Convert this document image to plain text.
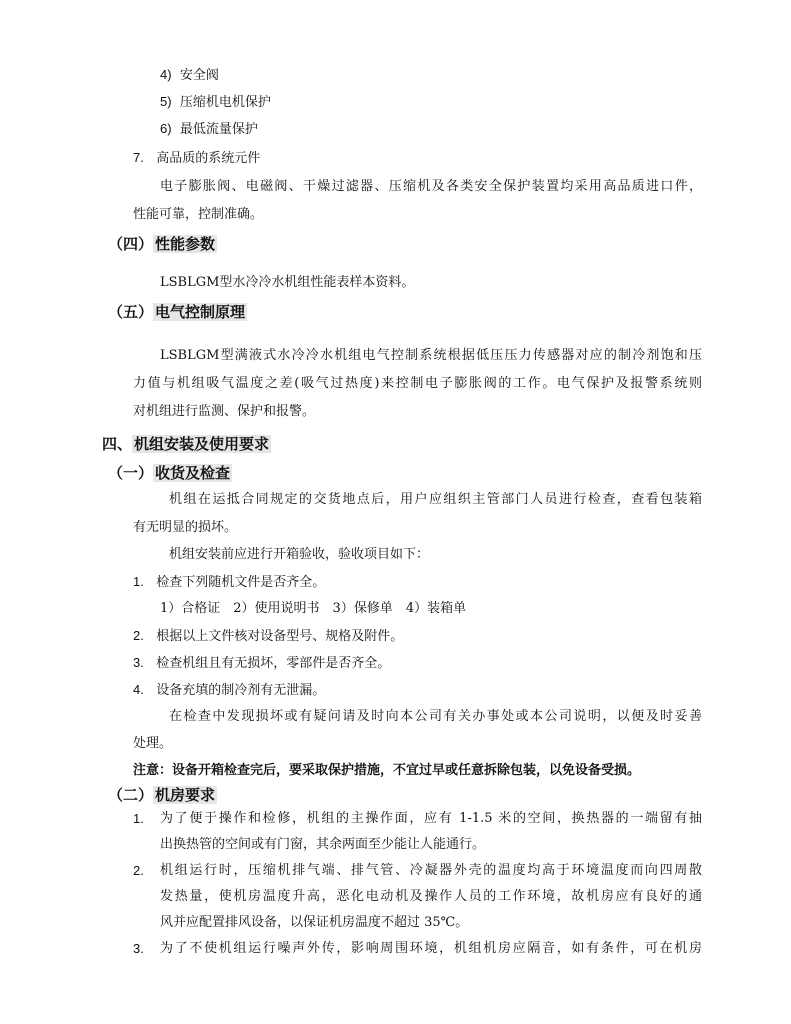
4) 安全阀
5) 压缩机电机保护
6) 最低流量保护
7. 高品质的系统元件
电子膨胀阀、电磁阀、干燥过滤器、压缩机及各类安全保护装置均采用高品质进口件，
性能可靠，控制准确。
（四） 性能参数
LSBLGM型水冷冷水机组性能表样本资料。
（五） 电气控制原理
LSBLGM型满液式水冷冷水机组电气控制系统根据低压压力传感器对应的制冷剂饱和压
力值与机组吸气温度之差(吸气过热度)来控制电子膨胀阀的工作。电气保护及报警系统则
对机组进行监测、保护和报警。
四、 机组安装及使用要求
（一） 收货及检查
机组在运抵合同规定的交货地点后，用户应组织主管部门人员进行检查，查看包装箱
有无明显的损坏。
机组安装前应进行开箱验收，验收项目如下：
1. 检查下列随机文件是否齐全。
1）合格证　2）使用说明书　3）保修单　4）装箱单
2. 根据以上文件核对设备型号、规格及附件。
3. 检查机组且有无损坏，零部件是否齐全。
4. 设备充填的制冷剂有无泄漏。
在检查中发现损坏或有疑问请及时向本公司有关办事处或本公司说明，以便及时妥善
处理。
注意：设备开箱检查完后，要采取保护措施，不宜过早或任意拆除包装，以免设备受损。
（二） 机房要求
1. 为了便于操作和检修，机组的主操作面，应有 1-1.5 米的空间，换热器的一端留有抽
出换热管的空间或有门窗，其余两面至少能让人能通行。
2. 机组运行时，压缩机排气端、排气管、冷凝器外壳的温度均高于环境温度而向四周散
发热量，使机房温度升高，恶化电动机及操作人员的工作环境，故机房应有良好的通
风并应配置排风设备，以保证机房温度不超过 35℃。
3. 为了不使机组运行噪声外传，影响周围环境，机组机房应隔音，如有条件，可在机房
